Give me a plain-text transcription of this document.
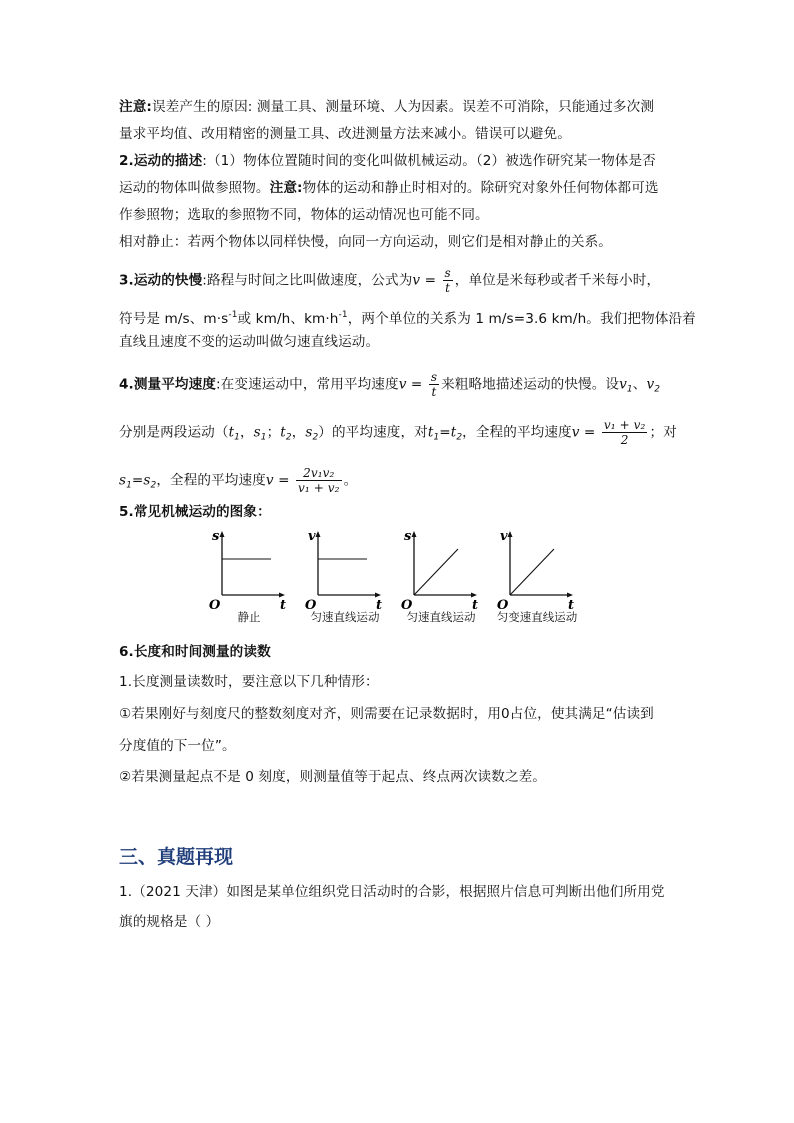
注意:误差产生的原因: 测量工具、测量环境、人为因素。误差不可消除，只能通过多次测
量求平均值、改用精密的测量工具、改进测量方法来减小。错误可以避免。
2.运动的描述:（1）物体位置随时间的变化叫做机械运动。（2）被选作研究某一物体是否
运动的物体叫做参照物。注意:物体的运动和静止时相对的。除研究对象外任何物体都可选
作参照物；选取的参照物不同，物体的运动情况也可能不同。
相对静止：若两个物体以同样快慢，向同一方向运动，则它们是相对静止的关系。
3.运动的快慢:路程与时间之比叫做速度，公式为$v = \frac{s}{t}$ ，单位是米每秒或者千米每小时，
符号是 m/s、$m\cdot s^{-1}$或 km/h、$km\cdot h^{-1}$，两个单位的关系为 1 m/s=3.6 km/h。我们把物体沿着
直线且速度不变的运动叫做匀速直线运动。
4.测量平均速度:在变速运动中，常用平均速度$v = \frac{s}{t}$ 来粗略地描述运动的快慢。设$v_1$、$v_2$
分别是两段运动（$t_1$，$s_1$；$t_2$，$s_2$）的平均速度，对$t_1=t_2$，全程的平均速度$v = \frac{\text{v₁ + v₂}}{2}$ ；对
$s_1=s_2$，全程的平均速度$v = \frac{\text{2v₁v₂}}{\text{v₁ + v₂}}$ 。
5.常见机械运动的图象：
s
t
O
静止
v
t
O
匀速直线运动
s
t
O
匀速直线运动
v
t
O
匀变速直线运动
6.长度和时间测量的读数
1.长度测量读数时，要注意以下几种情形：
①若果刚好与刻度尺的整数刻度对齐，则需要在记录数据时，用0占位，使其满足“估读到
分度值的下一位”。
②若果测量起点不是 0 刻度，则测量值等于起点、终点两次读数之差。
三、真题再现
1.（2021 天津）如图是某单位组织党日活动时的合影，根据照片信息可判断出他们所用党
旗的规格是（ ）
